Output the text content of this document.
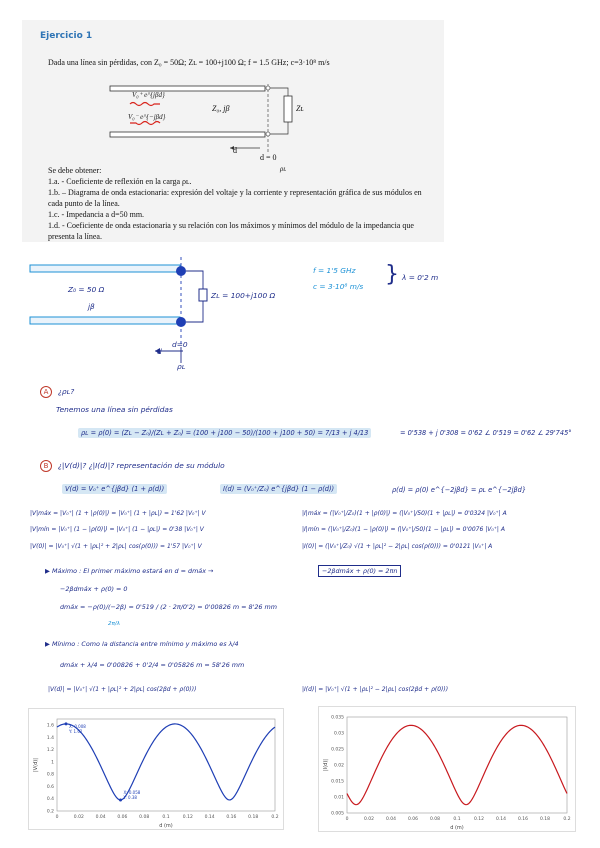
Ejercicio 1
Dada una línea sin pérdidas, con Z₀ = 50Ω; Zʟ = 100+j100 Ω; f = 1.5 GHz; c=3·10⁸ m/s
V₀⁺ e^{jβd}
V₀⁻ e^{−jβd}
Z₀, jβ	Zʟ
d
d = 0
ρʟ
Se debe obtener:
1.a. - Coeficiente de reflexión en la carga ρʟ.
1.b. – Diagrama de onda estacionaria: expresión del voltaje y la corriente y representación gráfica de sus módulos en cada punto de la línea.
1.c. - Impedancia a d=50 mm.
1.d. - Coeficiente de onda estacionaria y su relación con los máximos y mínimos del módulo de la impedancia que presenta la línea.
Z₀ = 50 Ω
jβ
Zʟ = 100+j100 Ω
d
d=0
ρʟ
f = 1'5 GHz
c = 3·10⁸ m/s } λ = 0'2 m
A	¿ρʟ?
Tenemos una línea sin pérdidas
ρʟ = ρ(0) = (Zʟ − Z₀)/(Zʟ + Z₀) = (100 + j100 − 50)/(100 + j100 + 50) = 7/13 + j 4/13	= 0'538 + j 0'308 = 0'62 ∠ 0'519 = 0'62 ∠ 29'745°
B	¿|V(d)|? ¿|I(d)|? representación de su módulo
V(d) = V₀⁺ e^{jβd} (1 + ρ(d))	I(d) = (V₀⁺/Z₀) e^{jβd} (1 − ρ(d))	ρ(d) = ρ(0) e^{−2jβd} = ρʟ e^{−2jβd}
|V|máx = |V₀⁺| (1 + |ρ(0)|) = |V₀⁺| (1 + |ρʟ|) = 1'62 |V₀⁺| V
|V|mín = |V₀⁺| (1 − |ρ(0)|) = |V₀⁺| (1 − |ρʟ|) = 0'38 |V₀⁺| V
|V(0)| = |V₀⁺| √(1 + |ρʟ|² + 2|ρʟ| cos(ρ(0))) = 1'57 |V₀⁺| V
|I|máx = (|V₀⁺|/Z₀)(1 + |ρ(0)|) = (|V₀⁺|/50)(1 + |ρʟ|) = 0'0324 |V₀⁺| A
|I|mín = (|V₀⁺|/Z₀)(1 − |ρ(0)|) = (|V₀⁺|/50)(1 − |ρʟ|) = 0'0076 |V₀⁺| A
|I(0)| = (|V₀⁺|/Z₀) √(1 + |ρʟ|² − 2|ρʟ| cos(ρ(0))) = 0'0121 |V₀⁺| A
▶ Máximo : El primer máximo estará en d = dmáx →	−2βdmáx + ρ(0) = 2πn
−2βdmáx + ρ(0) = 0
dmáx = −ρ(0)/(−2β) = 0'519 / (2 · 2π/0'2) = 0'00826 m = 8'26 mm
2π/λ
▶ Mínimo : Como la distancia entre mínimo y máximo es λ/4
dmáx + λ/4 = 0'00826 + 0'2/4 = 0'05826 m = 58'26 mm
|V(d)| = |V₀⁺| √(1 + |ρʟ|² + 2|ρʟ| cos(2βd + ρ(0)))	|I(d)| = |V₀⁺| √(1 + |ρʟ|² − 2|ρʟ| cos(2βd + ρ(0)))
0	0.02	0.04	0.06	0.08	0.1	0.12	0.14	0.16	0.18	0.2
0.2
0.4
0.6
0.8
1
1.2
1.4
1.6
d (m)
|V(d)|
X: 0.008
Y: 1.62
X: 0.058
Y: 0.38
0	0.02	0.04	0.06	0.08	0.1	0.12	0.14	0.16	0.18	0.2
0.005
0.01
0.015
0.02
0.025
0.03
0.035
d (m)
|I(d)|
